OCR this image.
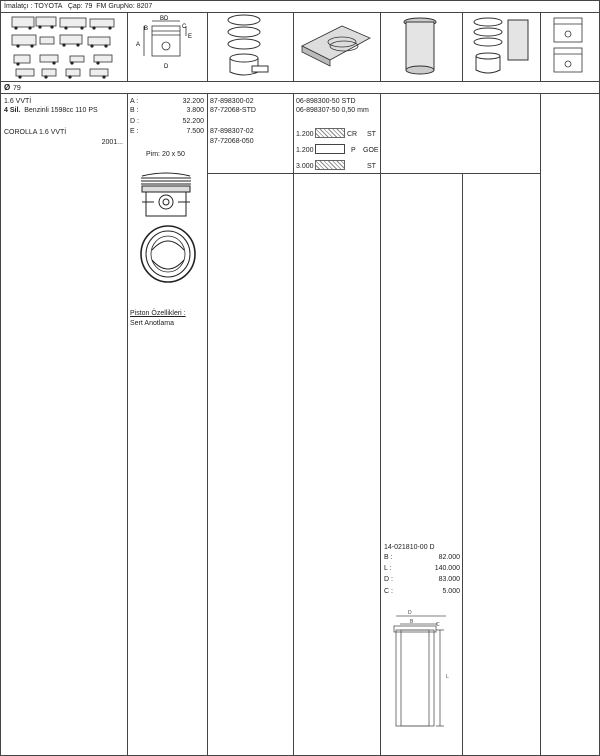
İmalatçı : TOYOTA Çap: 79 FM GrupNo: 8207
A
B
BD
C
E
D
Ø 79
1.6 VVTİ
4 Sil. Benzinli 1598cc 110 PS
COROLLA 1.6 VVTİ
2001...
A :	32.200
B :	3.800
D :	52.200
E :	7.500
Pim: 20 x 50
Piston Özellikleri :
Sert Anotlama
87-898300-02
87-72068-STD
87-898307-02
87-72068-050
06-898300-50 STD
06-898307-50 0,50 mm
1.200	CR ST
1.200	P GOE
3.000	ST
14-021810-00 D
B :	82.000
L :	140.000
D :	83.000
C :	5.000
D
B	C
L
